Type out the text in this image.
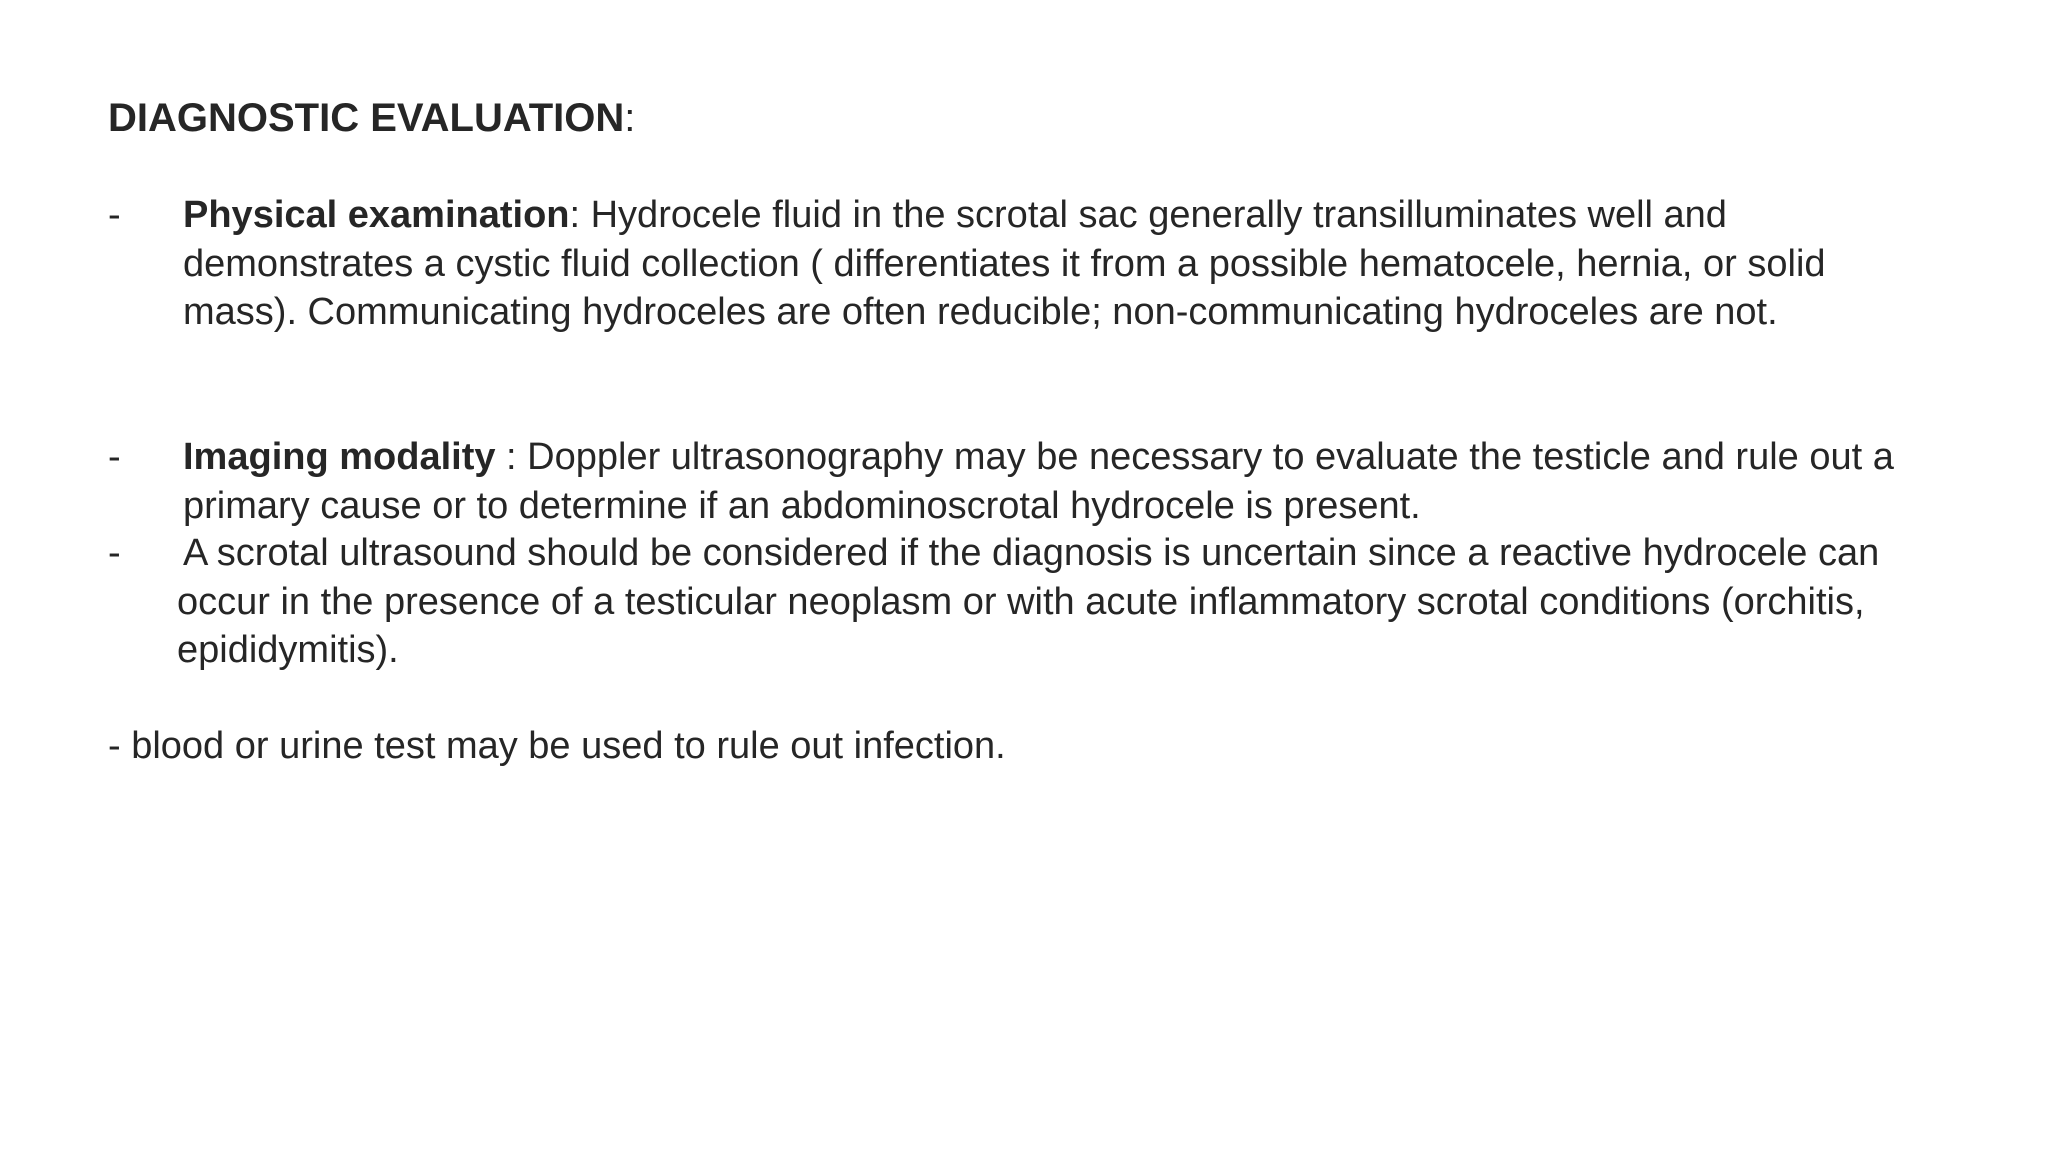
DIAGNOSTIC EVALUATION:
- Physical examination: Hydrocele fluid in the scrotal sac generally transilluminates well and demonstrates a cystic fluid collection ( differentiates it from a possible hematocele, hernia, or solid mass). Communicating hydroceles are often reducible; non-communicating hydroceles are not.

- Imaging modality : Doppler ultrasonography may be necessary to evaluate the testicle and rule out a primary cause or to determine if an abdominoscrotal hydrocele is present.

- A scrotal ultrasound should be considered if the diagnosis is uncertain since a reactive hydrocele can occur in the presence of a testicular neoplasm or with acute inflammatory scrotal conditions (orchitis, epididymitis).

- blood or urine test may be used to rule out infection.
